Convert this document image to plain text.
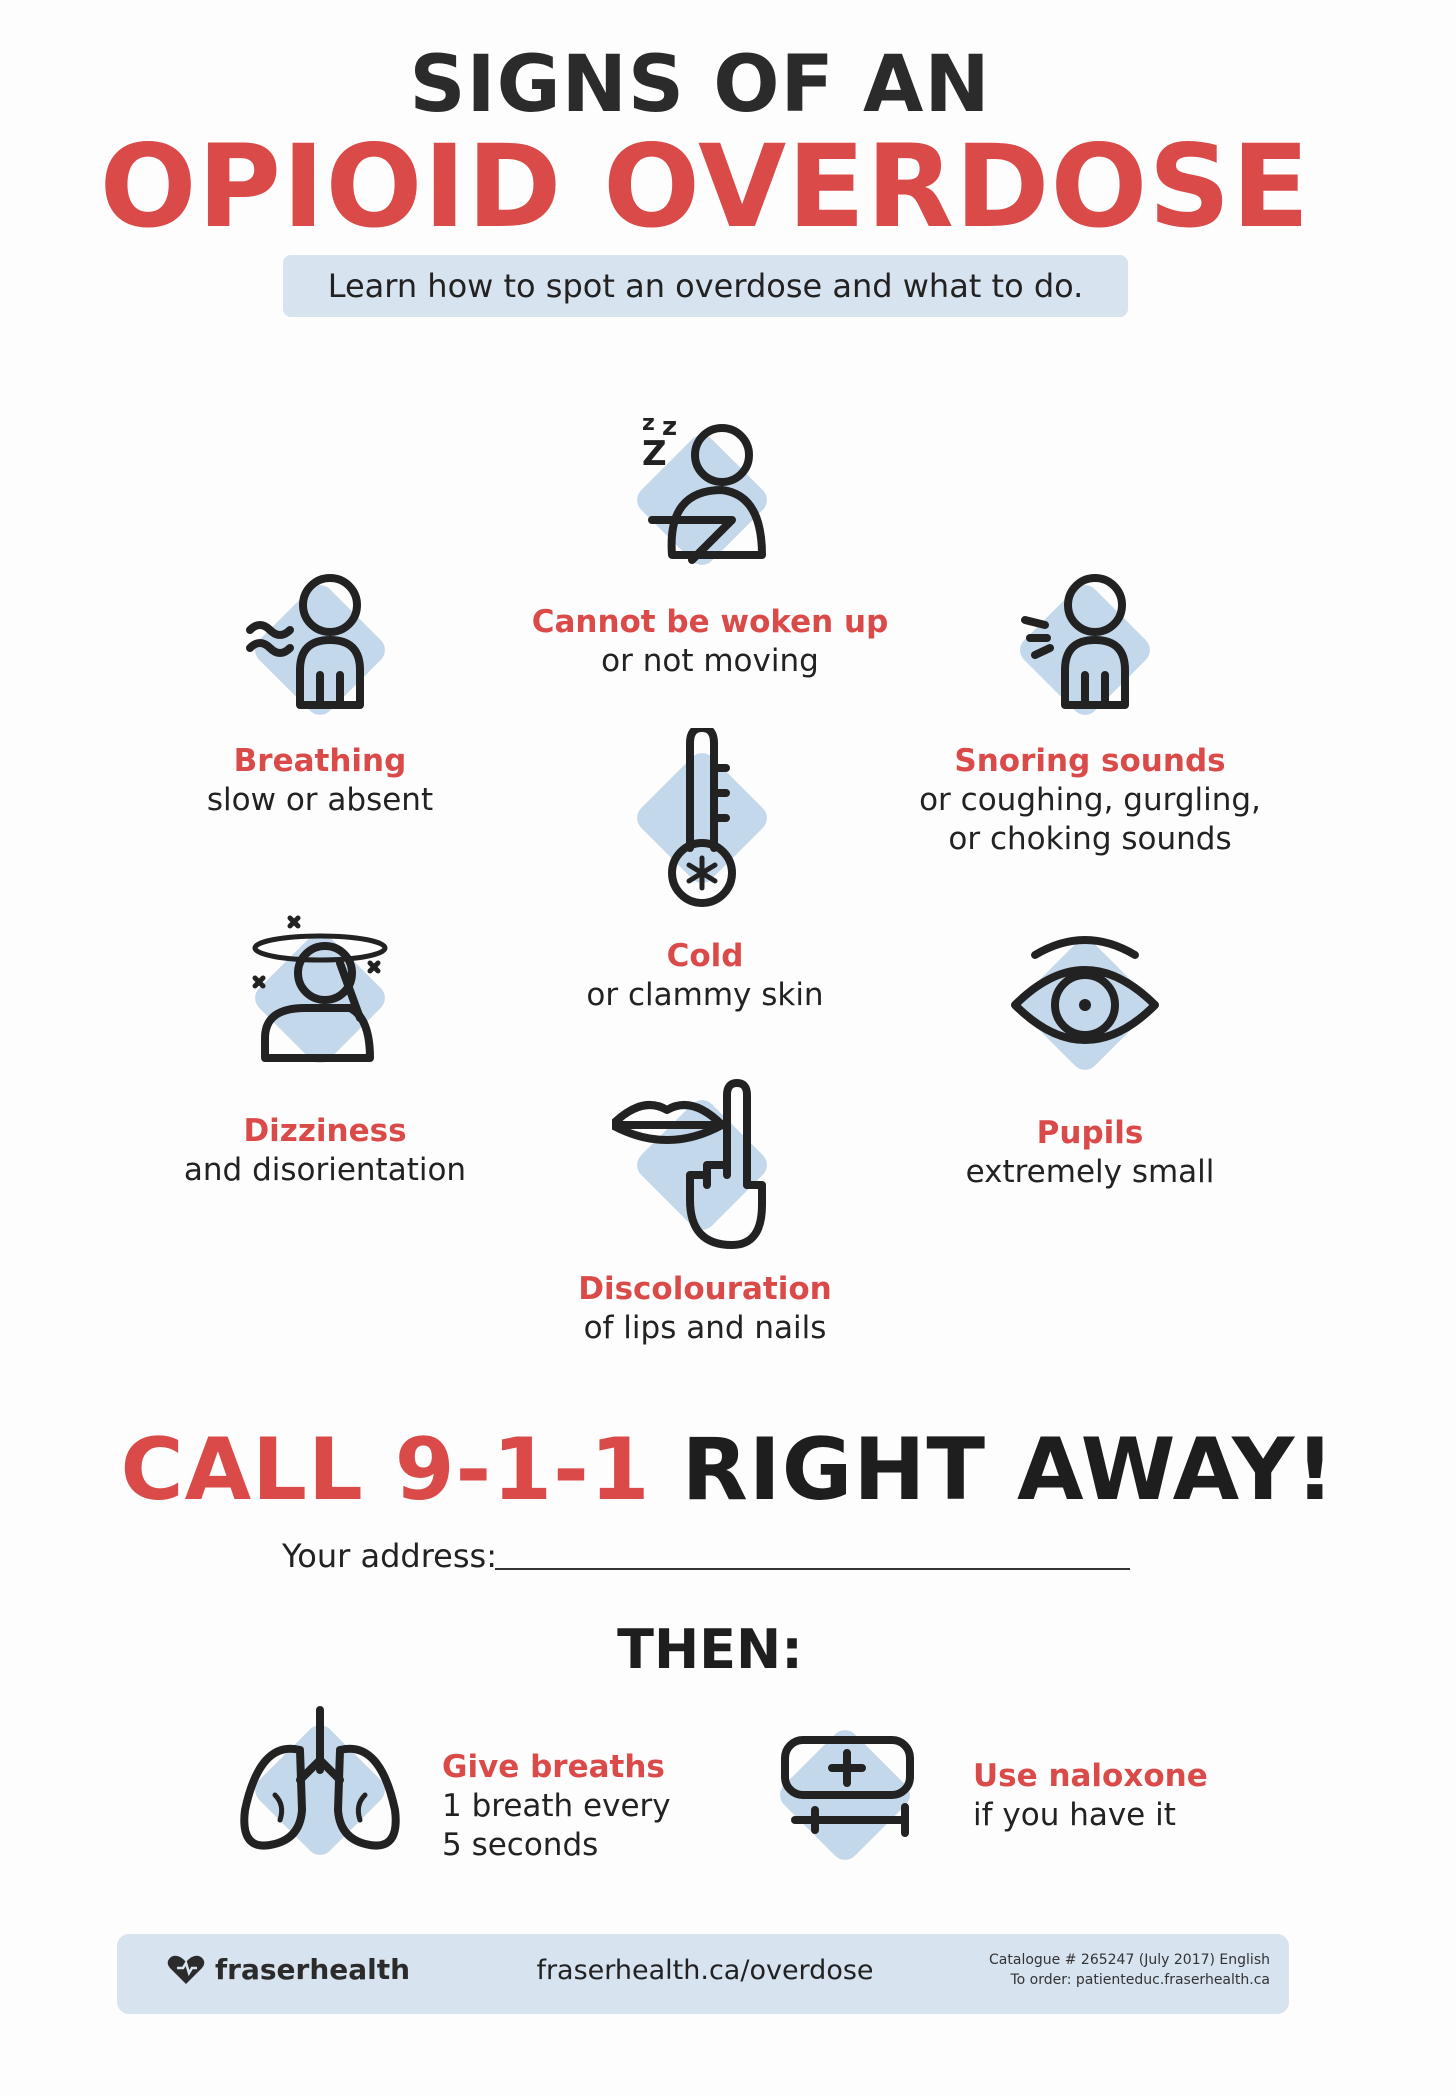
SIGNS OF AN
OPIOID OVERDOSE
Learn how to spot an overdose and what to do.
z z
Z
Cannot be woken up
or not moving
Breathing
slow or absent
Snoring sounds
or coughing, gurgling,
or choking sounds
Cold
or clammy skin
Dizziness
and disorientation
Pupils
extremely small
Discolouration
of lips and nails
CALL 9-1-1 RIGHT AWAY!
Your address:
THEN:
Give breaths
1 breath every
5 seconds
Use naloxone
if you have it
fraserhealth	fraserhealth.ca/overdose	Catalogue # 265247 (July 2017) English
To order: patienteduc.fraserhealth.ca
